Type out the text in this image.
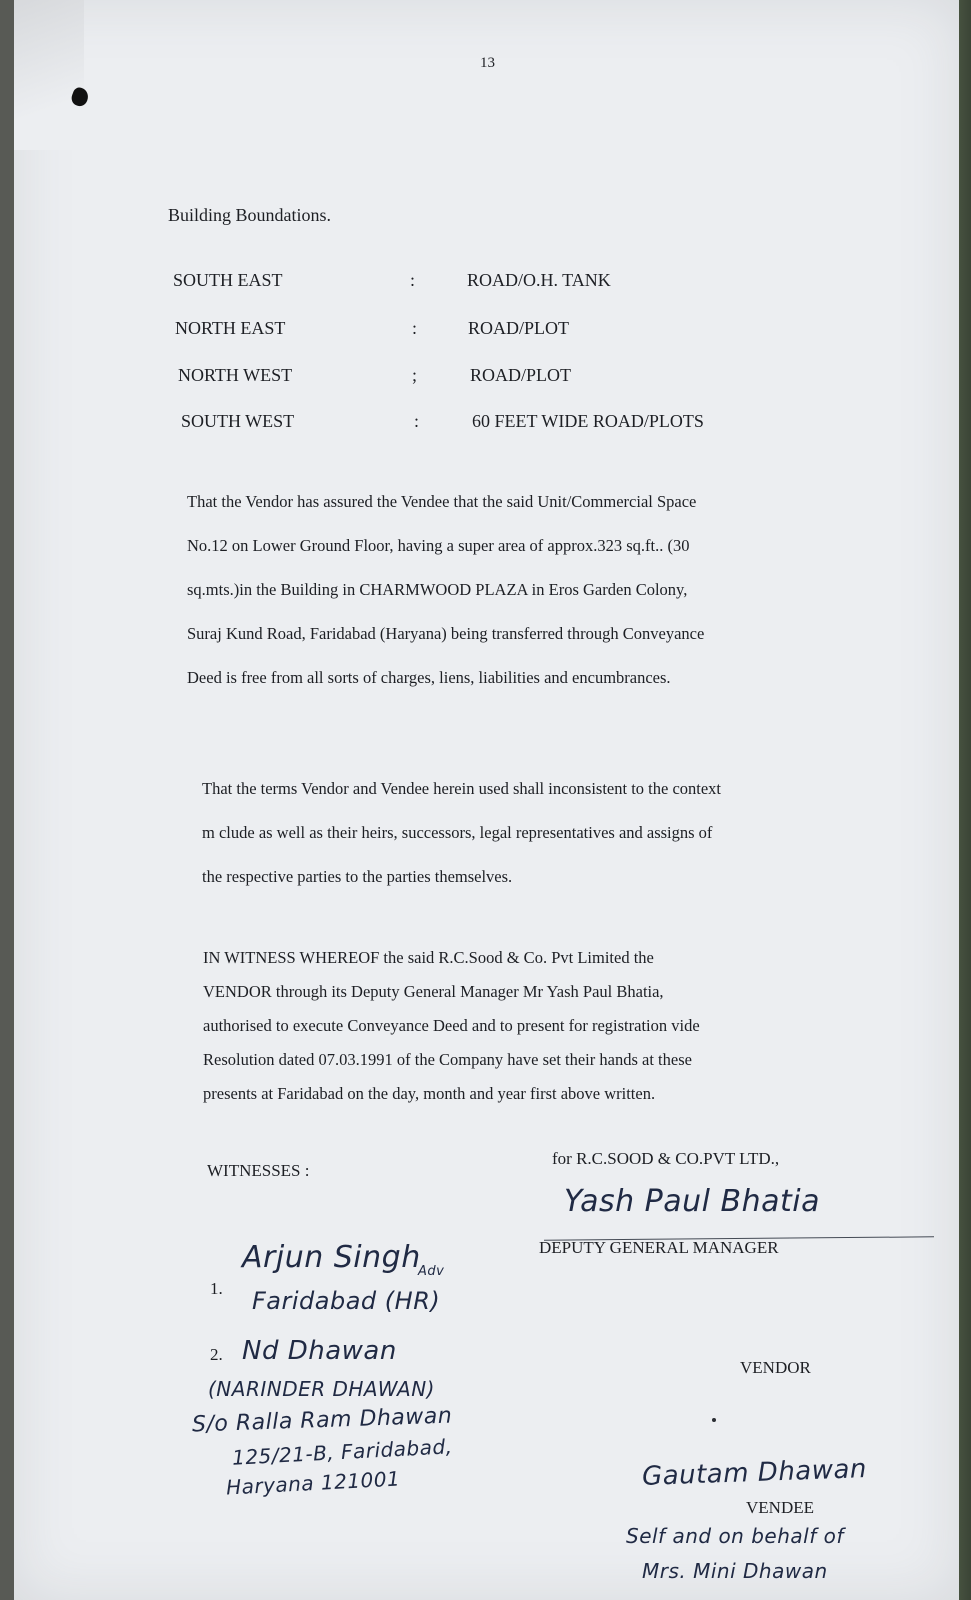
13
Building Boundations.
SOUTH EAST	:	ROAD/O.H. TANK
NORTH EAST	:	ROAD/PLOT
NORTH WEST	;	ROAD/PLOT
SOUTH WEST	:	60 FEET WIDE ROAD/PLOTS
That the Vendor has assured the Vendee that the said Unit/Commercial Space
No.12 on Lower Ground Floor, having a super area of approx.323 sq.ft.. (30
sq.mts.)in the Building in CHARMWOOD PLAZA in Eros Garden Colony,
Suraj Kund Road, Faridabad (Haryana) being transferred through Conveyance
Deed is free from all sorts of charges, liens, liabilities and encumbrances.
That the terms Vendor and Vendee herein used shall inconsistent to the context
m clude as well as their heirs, successors, legal representatives and assigns of
the respective parties to the parties themselves.
IN WITNESS WHEREOF the said R.C.Sood & Co. Pvt Limited the
VENDOR through its Deputy General Manager Mr Yash Paul Bhatia,
authorised to execute Conveyance Deed and to present for registration vide
Resolution dated 07.03.1991 of the Company have set their hands at these
presents at Faridabad on the day, month and year first above written.
WITNESSES :
for R.C.SOOD & CO.PVT LTD.,
Yash Paul Bhatia
DEPUTY GENERAL MANAGER
1.
Arjun Singh
Adv
Faridabad (HR)
2. Nd Dhawan
(NARINDER DHAWAN)
S/o Ralla Ram Dhawan
125/21-B, Faridabad,
Haryana 121001
VENDOR
Gautam Dhawan
VENDEE
Self and on behalf of
Mrs. Mini Dhawan
